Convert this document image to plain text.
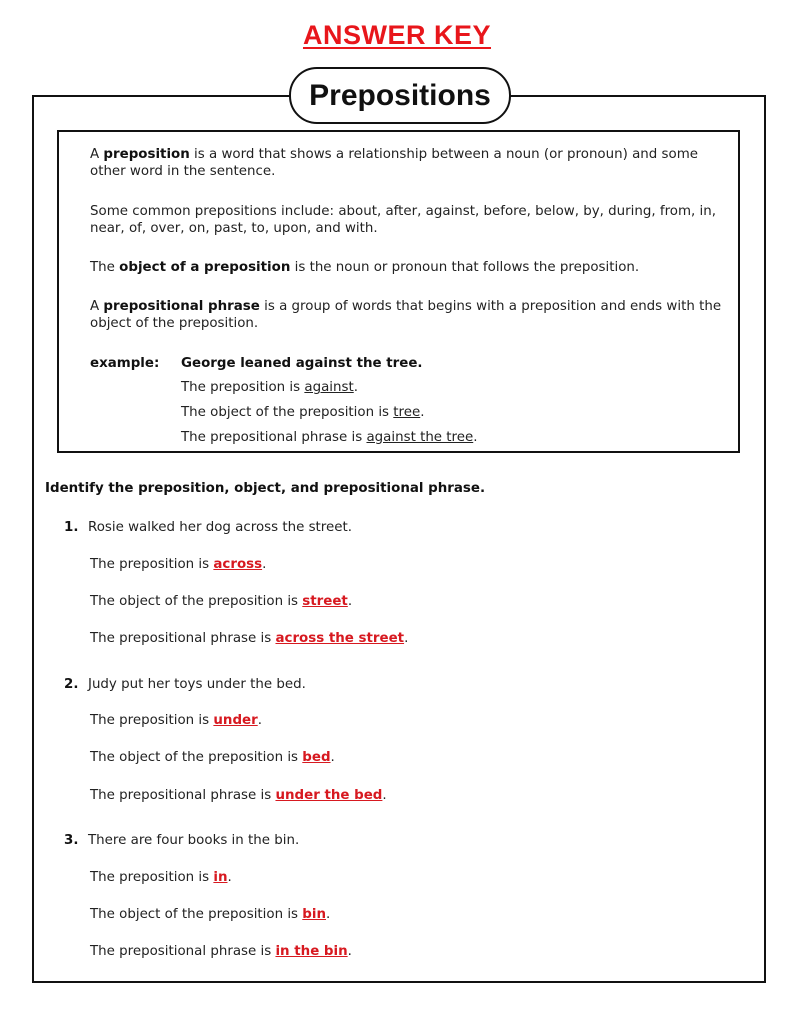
ANSWER KEY
Prepositions
A preposition is a word that shows a relationship between a noun (or pronoun) and some
other word in the sentence.
Some common prepositions include: about, after, against, before, below, by, during, from, in,
near, of, over, on, past, to, upon, and with.
The object of a preposition is the noun or pronoun that follows the preposition.
A prepositional phrase is a group of words that begins with a preposition and ends with the
object of the preposition.
example: George leaned against the tree.
The preposition is against.
The object of the preposition is tree.
The prepositional phrase is against the tree.
Identify the preposition, object, and prepositional phrase.
1. Rosie walked her dog across the street.
The preposition is across.
The object of the preposition is street.
The prepositional phrase is across the street.
2. Judy put her toys under the bed.
The preposition is under.
The object of the preposition is bed.
The prepositional phrase is under the bed.
3. There are four books in the bin.
The preposition is in.
The object of the preposition is bin.
The prepositional phrase is in the bin.
